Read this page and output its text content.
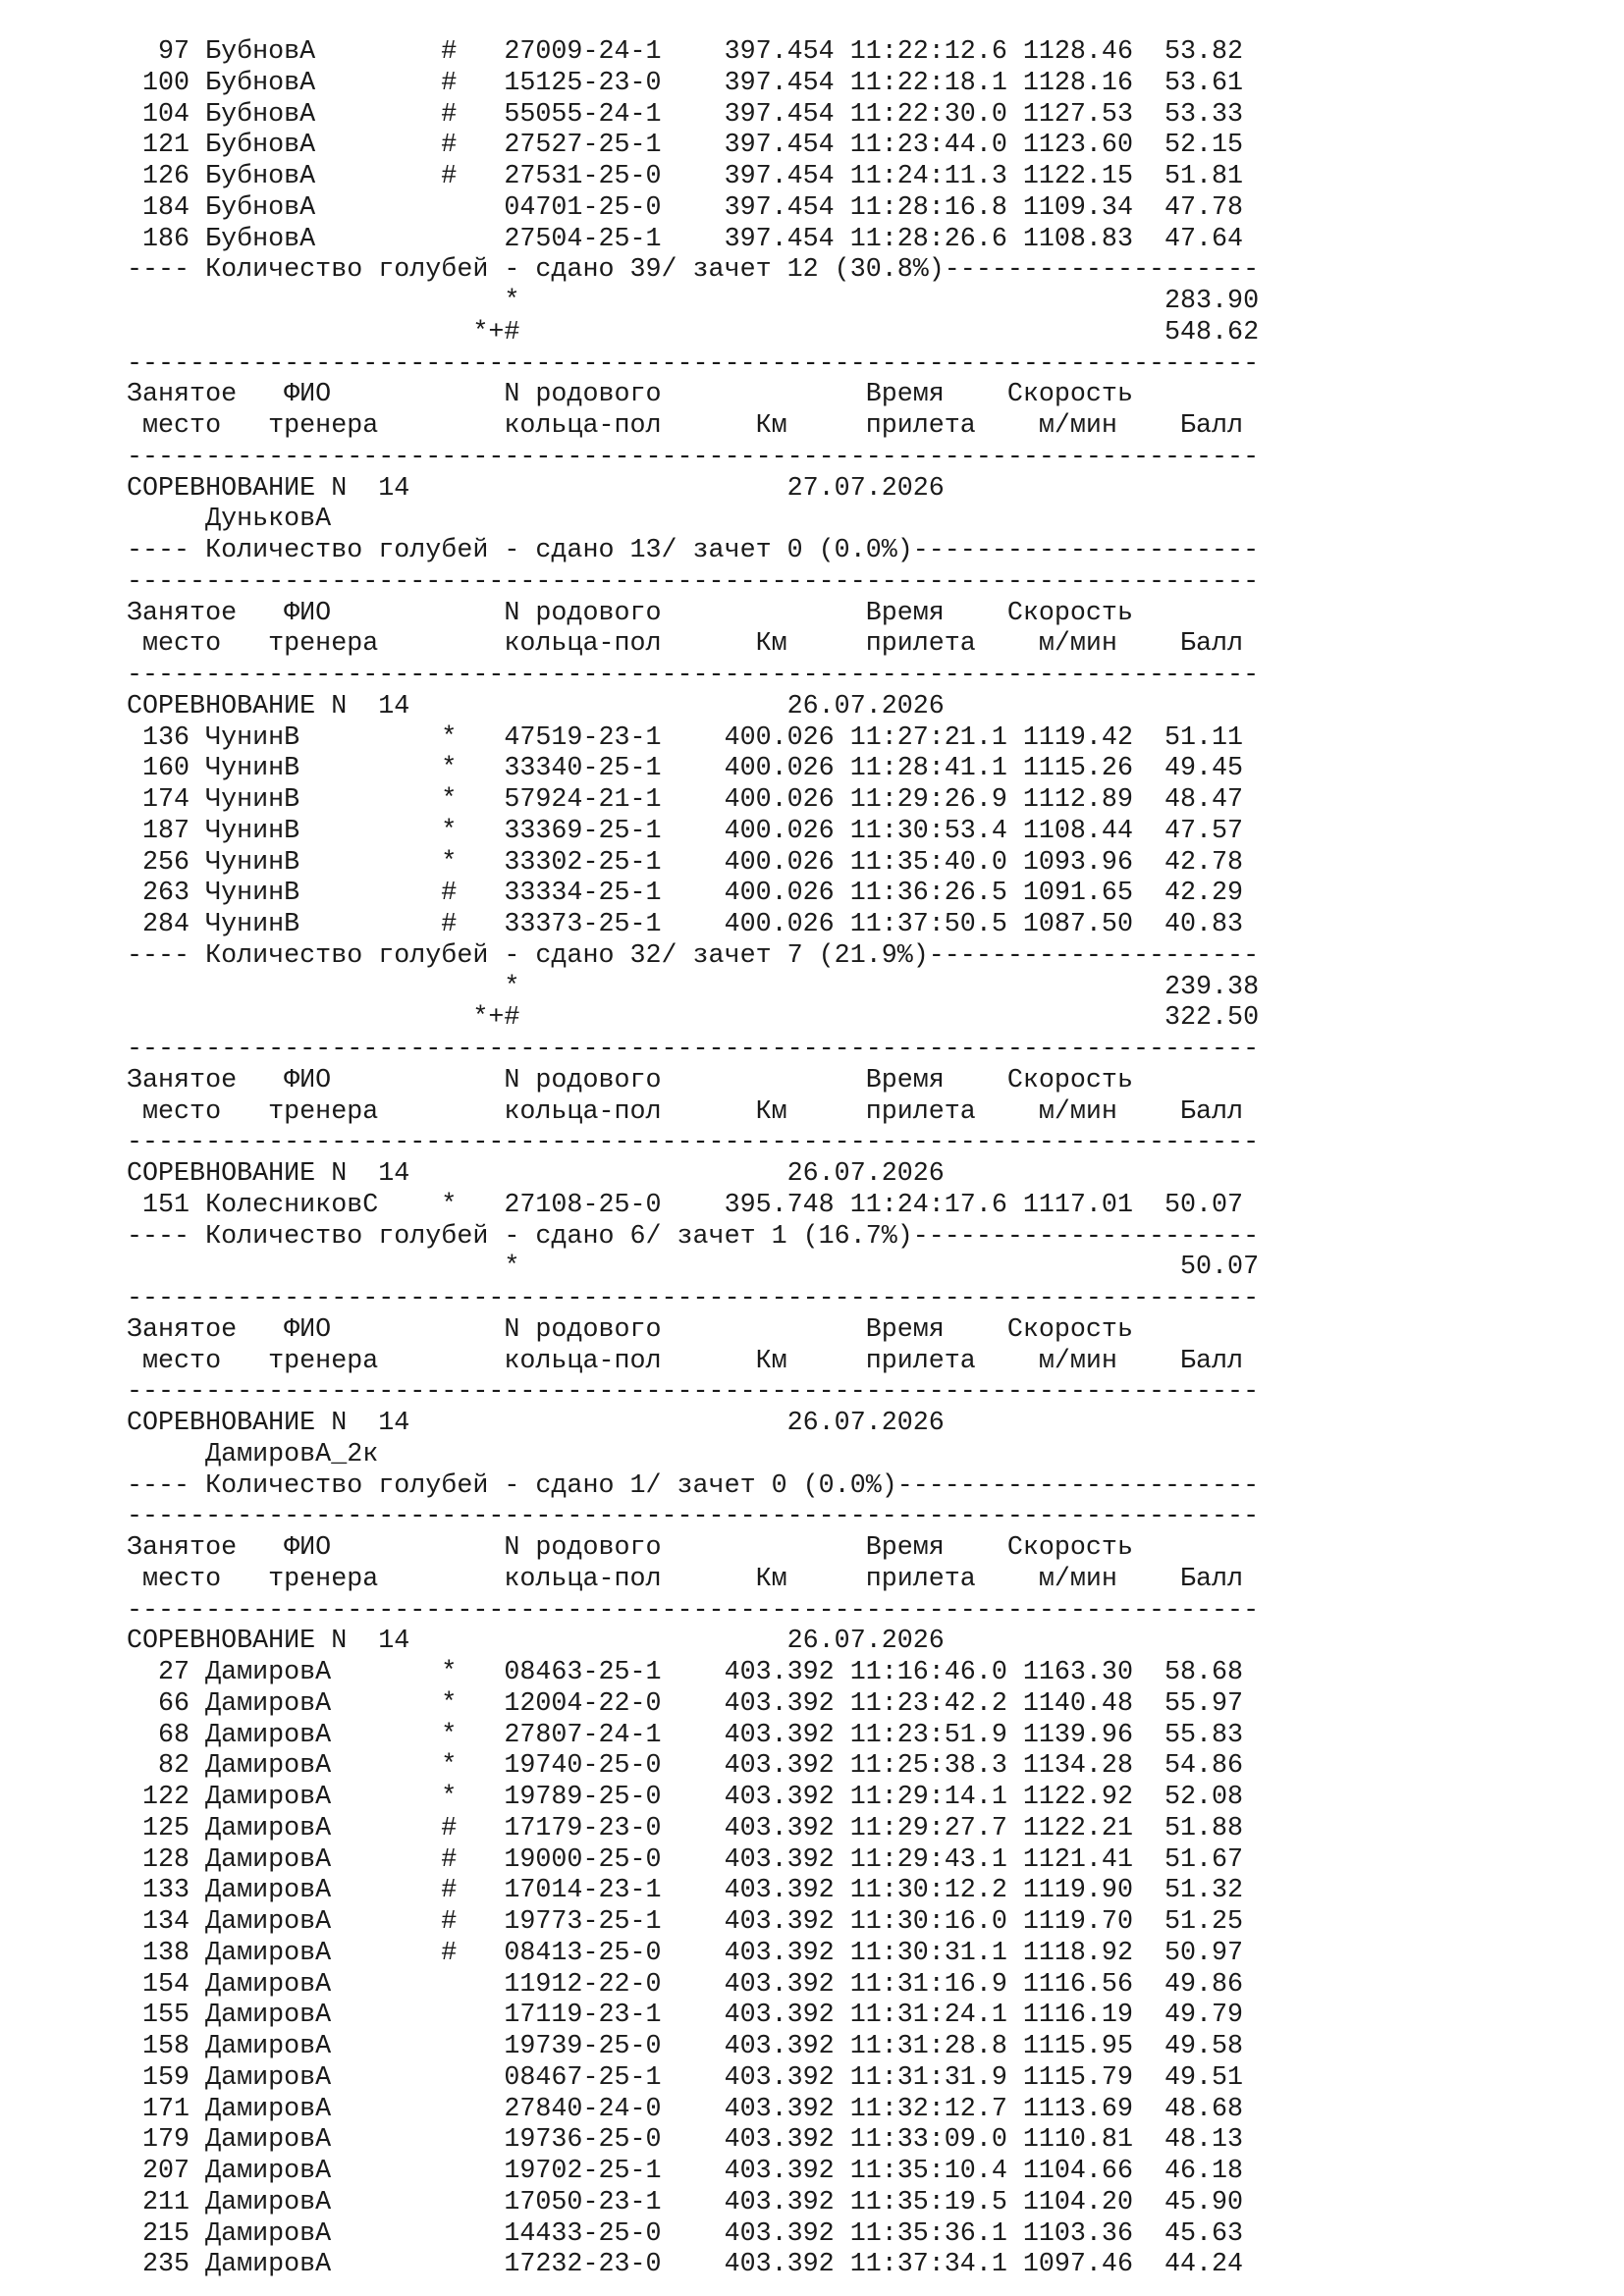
97 БубновА        #   27009-24-1    397.454 11:22:12.6 1128.46  53.82
100 БубновА        #   15125-23-0    397.454 11:22:18.1 1128.16  53.61
104 БубновА        #   55055-24-1    397.454 11:22:30.0 1127.53  53.33
121 БубновА        #   27527-25-1    397.454 11:23:44.0 1123.60  52.15
126 БубновА        #   27531-25-0    397.454 11:24:11.3 1122.15  51.81
184 БубновА            04701-25-0    397.454 11:28:16.8 1109.34  47.78
186 БубновА            27504-25-1    397.454 11:28:26.6 1108.83  47.64
---- Количество голубей - сдано 39/ зачет 12 (30.8%)--------------------
*                                         283.90
*+#                                         548.62
------------------------------------------------------------------------
Занятое   ФИО           N родового             Время    Скорость
место   тренера        кольца-пол      Км     прилета    м/мин    Балл
------------------------------------------------------------------------
СОРЕВНОВАНИЕ N  14                        27.07.2026
ДуньковА
---- Количество голубей - сдано 13/ зачет 0 (0.0%)----------------------
------------------------------------------------------------------------
Занятое   ФИО           N родового             Время    Скорость
место   тренера        кольца-пол      Км     прилета    м/мин    Балл
------------------------------------------------------------------------
СОРЕВНОВАНИЕ N  14                        26.07.2026
136 ЧунинВ         *   47519-23-1    400.026 11:27:21.1 1119.42  51.11
160 ЧунинВ         *   33340-25-1    400.026 11:28:41.1 1115.26  49.45
174 ЧунинВ         *   57924-21-1    400.026 11:29:26.9 1112.89  48.47
187 ЧунинВ         *   33369-25-1    400.026 11:30:53.4 1108.44  47.57
256 ЧунинВ         *   33302-25-1    400.026 11:35:40.0 1093.96  42.78
263 ЧунинВ         #   33334-25-1    400.026 11:36:26.5 1091.65  42.29
284 ЧунинВ         #   33373-25-1    400.026 11:37:50.5 1087.50  40.83
---- Количество голубей - сдано 32/ зачет 7 (21.9%)---------------------
*                                         239.38
*+#                                         322.50
------------------------------------------------------------------------
Занятое   ФИО           N родового             Время    Скорость
место   тренера        кольца-пол      Км     прилета    м/мин    Балл
------------------------------------------------------------------------
СОРЕВНОВАНИЕ N  14                        26.07.2026
151 КолесниковС    *   27108-25-0    395.748 11:24:17.6 1117.01  50.07
---- Количество голубей - сдано 6/ зачет 1 (16.7%)----------------------
*                                          50.07
------------------------------------------------------------------------
Занятое   ФИО           N родового             Время    Скорость
место   тренера        кольца-пол      Км     прилета    м/мин    Балл
------------------------------------------------------------------------
СОРЕВНОВАНИЕ N  14                        26.07.2026
ДамировА_2к
---- Количество голубей - сдано 1/ зачет 0 (0.0%)-----------------------
------------------------------------------------------------------------
Занятое   ФИО           N родового             Время    Скорость
место   тренера        кольца-пол      Км     прилета    м/мин    Балл
------------------------------------------------------------------------
СОРЕВНОВАНИЕ N  14                        26.07.2026
27 ДамировА       *   08463-25-1    403.392 11:16:46.0 1163.30  58.68
66 ДамировА       *   12004-22-0    403.392 11:23:42.2 1140.48  55.97
68 ДамировА       *   27807-24-1    403.392 11:23:51.9 1139.96  55.83
82 ДамировА       *   19740-25-0    403.392 11:25:38.3 1134.28  54.86
122 ДамировА       *   19789-25-0    403.392 11:29:14.1 1122.92  52.08
125 ДамировА       #   17179-23-0    403.392 11:29:27.7 1122.21  51.88
128 ДамировА       #   19000-25-0    403.392 11:29:43.1 1121.41  51.67
133 ДамировА       #   17014-23-1    403.392 11:30:12.2 1119.90  51.32
134 ДамировА       #   19773-25-1    403.392 11:30:16.0 1119.70  51.25
138 ДамировА       #   08413-25-0    403.392 11:30:31.1 1118.92  50.97
154 ДамировА           11912-22-0    403.392 11:31:16.9 1116.56  49.86
155 ДамировА           17119-23-1    403.392 11:31:24.1 1116.19  49.79
158 ДамировА           19739-25-0    403.392 11:31:28.8 1115.95  49.58
159 ДамировА           08467-25-1    403.392 11:31:31.9 1115.79  49.51
171 ДамировА           27840-24-0    403.392 11:32:12.7 1113.69  48.68
179 ДамировА           19736-25-0    403.392 11:33:09.0 1110.81  48.13
207 ДамировА           19702-25-1    403.392 11:35:10.4 1104.66  46.18
211 ДамировА           17050-23-1    403.392 11:35:19.5 1104.20  45.90
215 ДамировА           14433-25-0    403.392 11:35:36.1 1103.36  45.63
235 ДамировА           17232-23-0    403.392 11:37:34.1 1097.46  44.24
